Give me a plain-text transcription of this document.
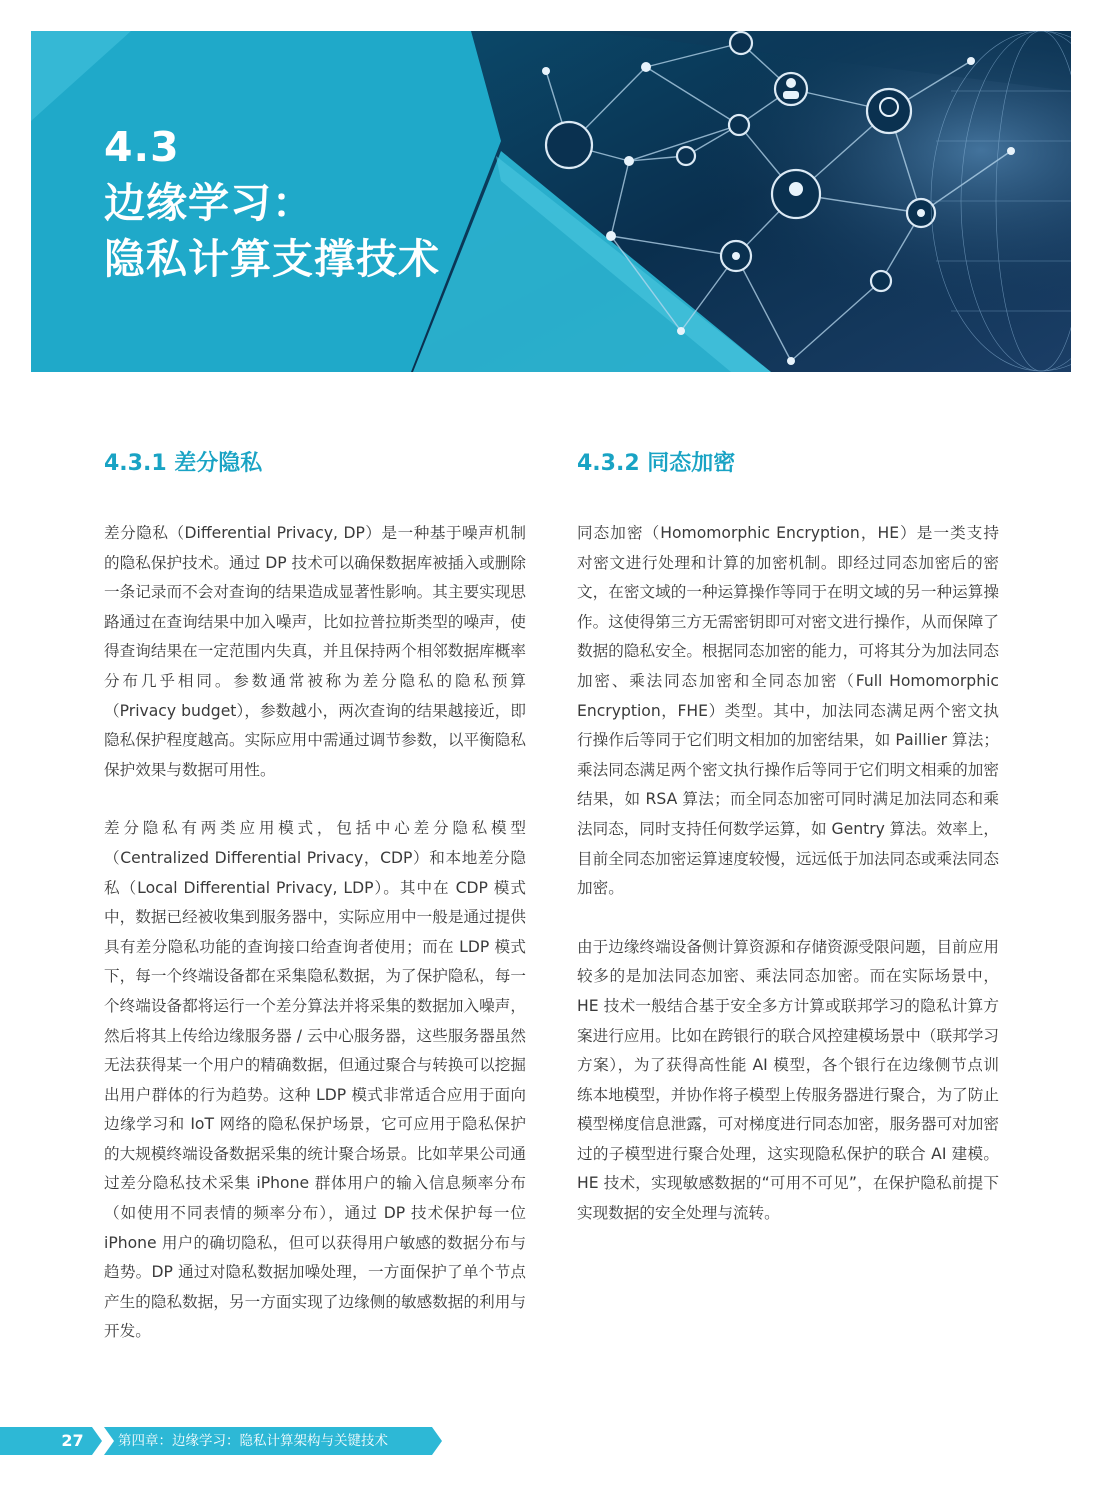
4.3
边缘学习：
隐私计算支撑技术
4.3.1 差分隐私

差分隐私（Differential Privacy, DP）是一种基于噪声机制的隐私保护技术。通过 DP 技术可以确保数据库被插入或删除一条记录而不会对查询的结果造成显著性影响。其主要实现思路通过在查询结果中加入噪声，比如拉普拉斯类型的噪声，使得查询结果在一定范围内失真，并且保持两个相邻数据库概率分布几乎相同。参数通常被称为差分隐私的隐私预算（Privacy budget），参数越小，两次查询的结果越接近，即隐私保护程度越高。实际应用中需通过调节参数，以平衡隐私保护效果与数据可用性。

差分隐私有两类应用模式，包括中心差分隐私模型（Centralized Differential Privacy，CDP）和本地差分隐私（Local Differential Privacy, LDP）。其中在 CDP 模式中，数据已经被收集到服务器中，实际应用中一般是通过提供具有差分隐私功能的查询接口给查询者使用；而在 LDP 模式下，每一个终端设备都在采集隐私数据，为了保护隐私，每一个终端设备都将运行一个差分算法并将采集的数据加入噪声，然后将其上传给边缘服务器 / 云中心服务器，这些服务器虽然无法获得某一个用户的精确数据，但通过聚合与转换可以挖掘出用户群体的行为趋势。这种 LDP 模式非常适合应用于面向边缘学习和 IoT 网络的隐私保护场景，它可应用于隐私保护的大规模终端设备数据采集的统计聚合场景。比如苹果公司通过差分隐私技术采集 iPhone 群体用户的输入信息频率分布（如使用不同表情的频率分布），通过 DP 技术保护每一位 iPhone 用户的确切隐私，但可以获得用户敏感的数据分布与趋势。DP 通过对隐私数据加噪处理，一方面保护了单个节点产生的隐私数据，另一方面实现了边缘侧的敏感数据的利用与开发。

4.3.2 同态加密

同态加密（Homomorphic Encryption，HE）是一类支持对密文进行处理和计算的加密机制。即经过同态加密后的密文，在密文域的一种运算操作等同于在明文域的另一种运算操作。这使得第三方无需密钥即可对密文进行操作，从而保障了数据的隐私安全。根据同态加密的能力，可将其分为加法同态加密、乘法同态加密和全同态加密（Full Homomorphic Encryption，FHE）类型。其中，加法同态满足两个密文执行操作后等同于它们明文相加的加密结果，如 Paillier 算法；乘法同态满足两个密文执行操作后等同于它们明文相乘的加密结果，如 RSA 算法；而全同态加密可同时满足加法同态和乘法同态，同时支持任何数学运算，如 Gentry 算法。效率上，目前全同态加密运算速度较慢，远远低于加法同态或乘法同态加密。

由于边缘终端设备侧计算资源和存储资源受限问题，目前应用较多的是加法同态加密、乘法同态加密。而在实际场景中，HE 技术一般结合基于安全多方计算或联邦学习的隐私计算方案进行应用。比如在跨银行的联合风控建模场景中（联邦学习方案），为了获得高性能 AI 模型，各个银行在边缘侧节点训练本地模型，并协作将子模型上传服务器进行聚合，为了防止模型梯度信息泄露，可对梯度进行同态加密，服务器可对加密过的子模型进行聚合处理，这实现隐私保护的联合 AI 建模。HE 技术，实现敏感数据的“可用不可见”，在保护隐私前提下实现数据的安全处理与流转。

27	第四章：边缘学习：隐私计算架构与关键技术
